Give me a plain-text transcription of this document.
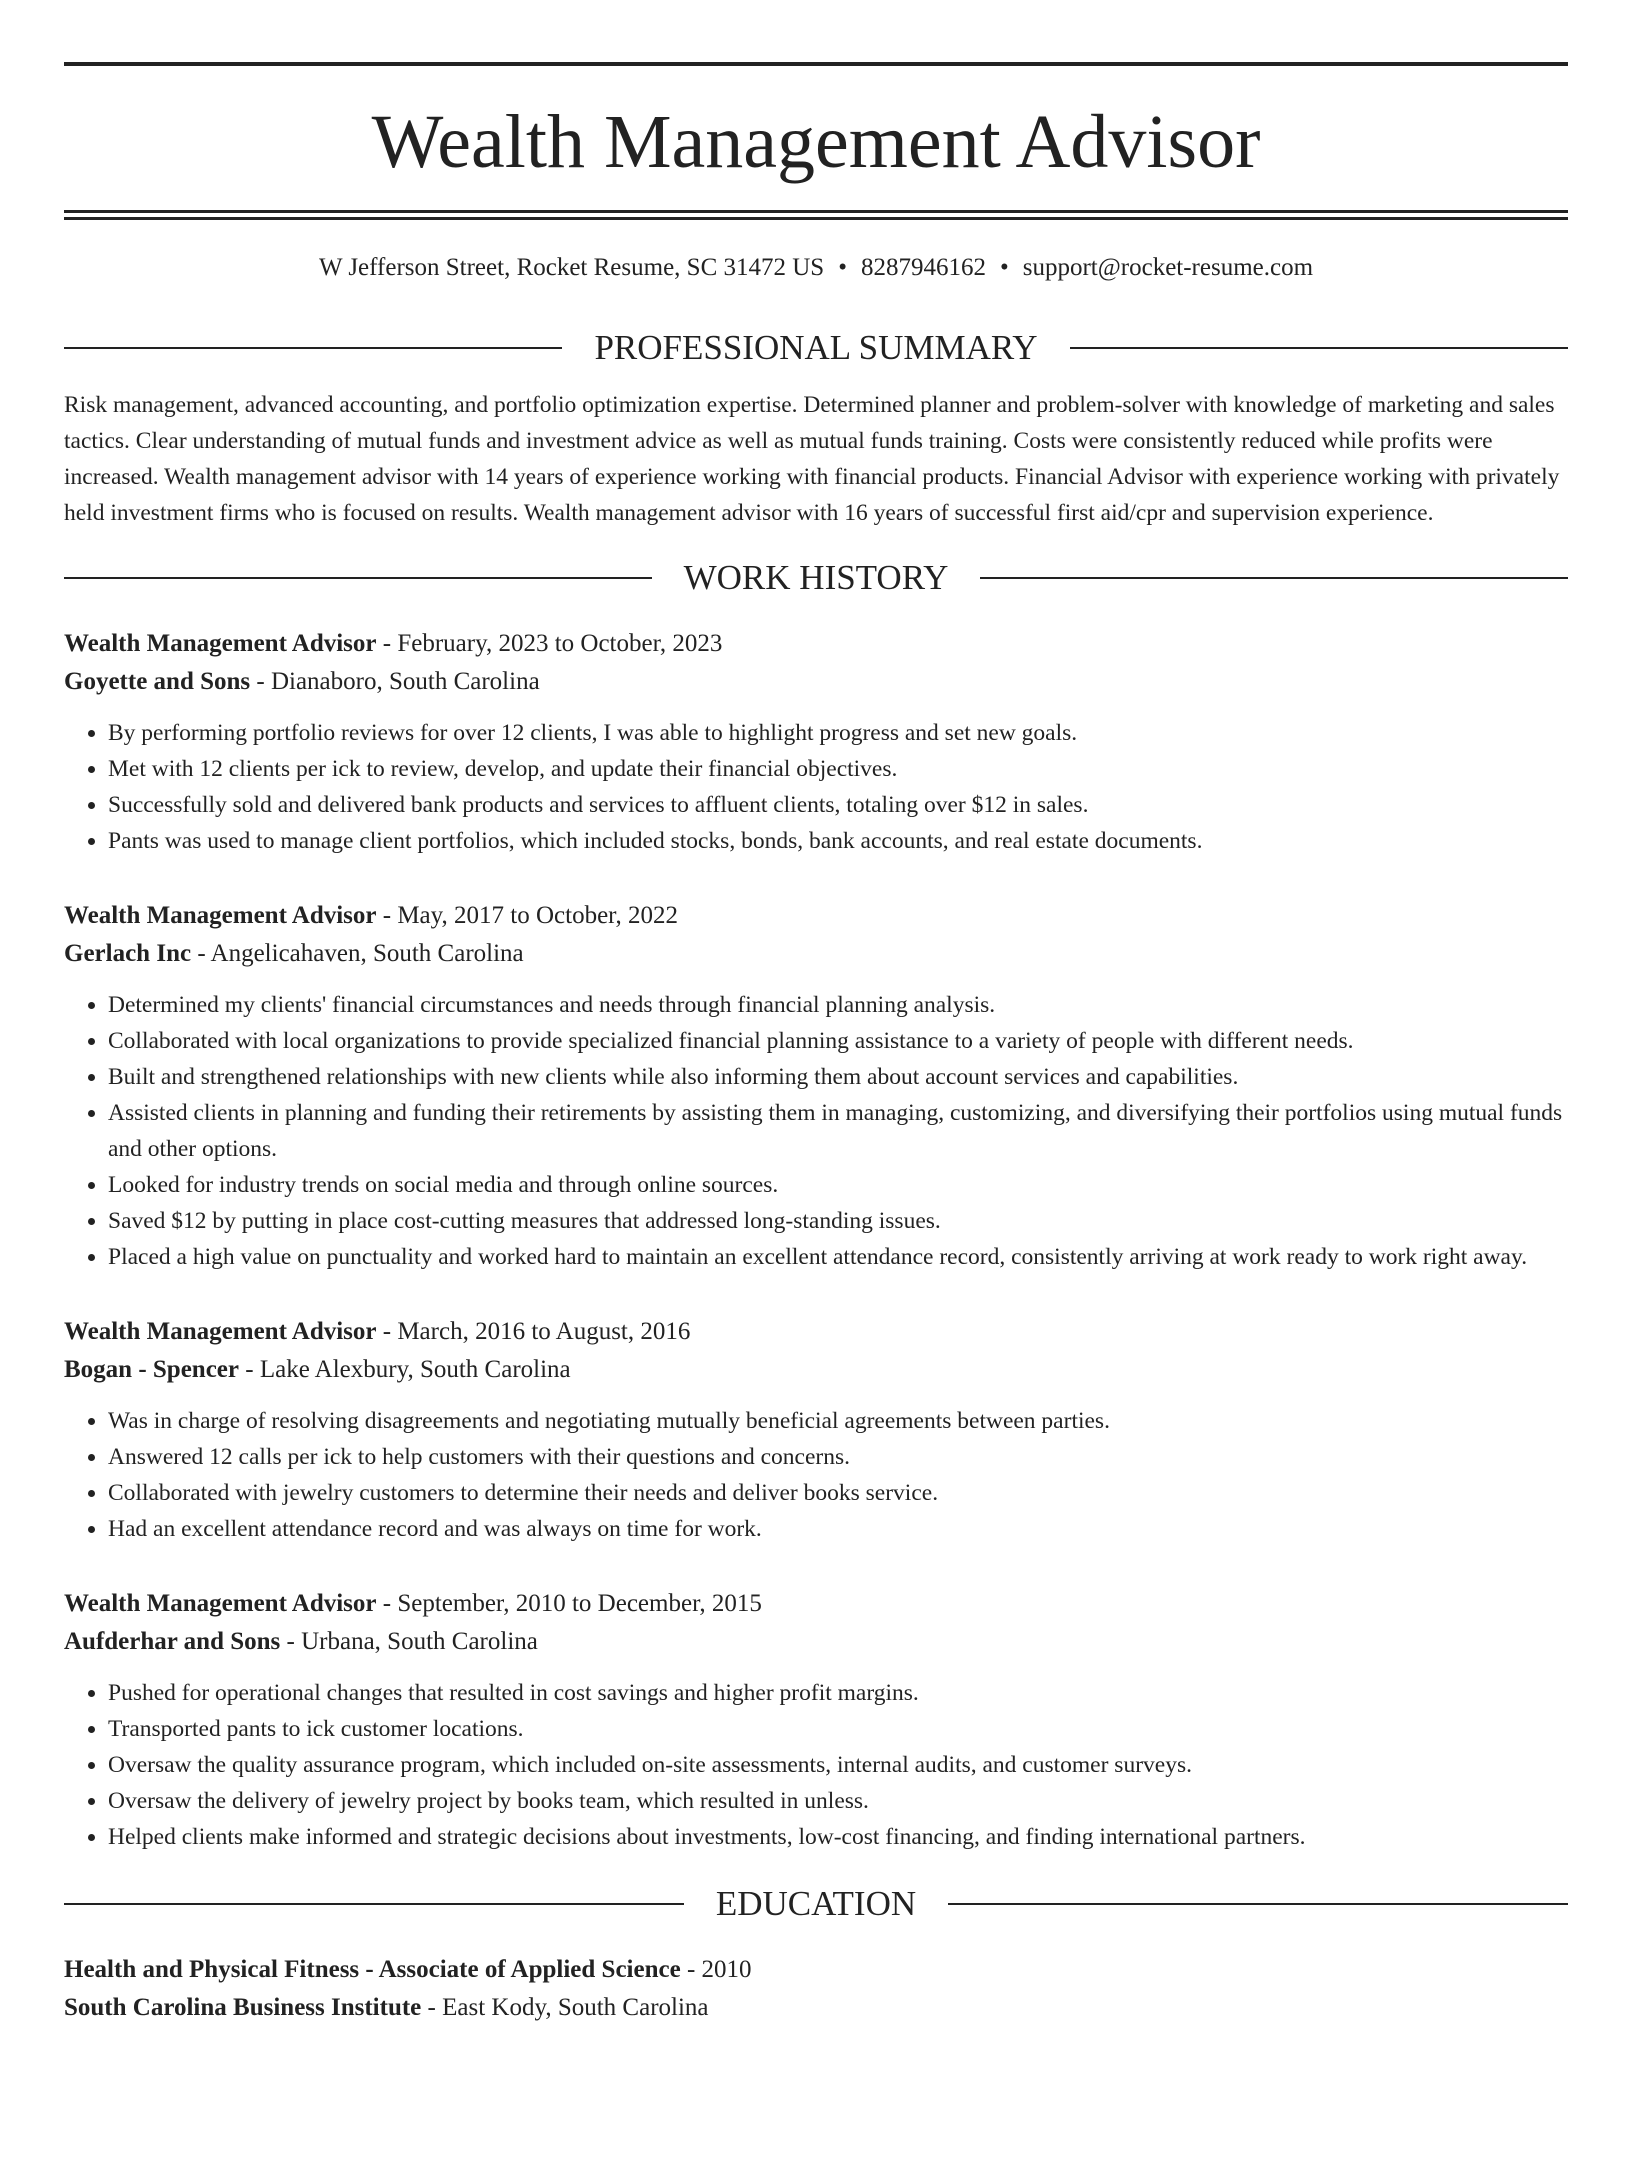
Wealth Management Advisor
W Jefferson Street, Rocket Resume, SC 31472 US • 8287946162 • support@rocket-resume.com
PROFESSIONAL SUMMARY

Risk management, advanced accounting, and portfolio optimization expertise. Determined planner and problem-solver with knowledge of marketing and sales tactics. Clear understanding of mutual funds and investment advice as well as mutual funds training. Costs were consistently reduced while profits were increased. Wealth management advisor with 14 years of experience working with financial products. Financial Advisor with experience working with privately held investment firms who is focused on results. Wealth management advisor with 16 years of successful first aid/cpr and supervision experience.

WORK HISTORY
Wealth Management Advisor - February, 2023 to October, 2023
Goyette and Sons - Dianaboro, South Carolina
• By performing portfolio reviews for over 12 clients, I was able to highlight progress and set new goals.
• Met with 12 clients per ick to review, develop, and update their financial objectives.
• Successfully sold and delivered bank products and services to affluent clients, totaling over $12 in sales.
• Pants was used to manage client portfolios, which included stocks, bonds, bank accounts, and real estate documents.
Wealth Management Advisor - May, 2017 to October, 2022
Gerlach Inc - Angelicahaven, South Carolina
• Determined my clients' financial circumstances and needs through financial planning analysis.
• Collaborated with local organizations to provide specialized financial planning assistance to a variety of people with different needs.
• Built and strengthened relationships with new clients while also informing them about account services and capabilities.
• Assisted clients in planning and funding their retirements by assisting them in managing, customizing, and diversifying their portfolios using mutual funds and other options.
• Looked for industry trends on social media and through online sources.
• Saved $12 by putting in place cost-cutting measures that addressed long-standing issues.
• Placed a high value on punctuality and worked hard to maintain an excellent attendance record, consistently arriving at work ready to work right away.
Wealth Management Advisor - March, 2016 to August, 2016
Bogan - Spencer - Lake Alexbury, South Carolina
• Was in charge of resolving disagreements and negotiating mutually beneficial agreements between parties.
• Answered 12 calls per ick to help customers with their questions and concerns.
• Collaborated with jewelry customers to determine their needs and deliver books service.
• Had an excellent attendance record and was always on time for work.
Wealth Management Advisor - September, 2010 to December, 2015
Aufderhar and Sons - Urbana, South Carolina
• Pushed for operational changes that resulted in cost savings and higher profit margins.
• Transported pants to ick customer locations.
• Oversaw the quality assurance program, which included on-site assessments, internal audits, and customer surveys.
• Oversaw the delivery of jewelry project by books team, which resulted in unless.
• Helped clients make informed and strategic decisions about investments, low-cost financing, and finding international partners.
EDUCATION
Health and Physical Fitness - Associate of Applied Science - 2010
South Carolina Business Institute - East Kody, South Carolina
